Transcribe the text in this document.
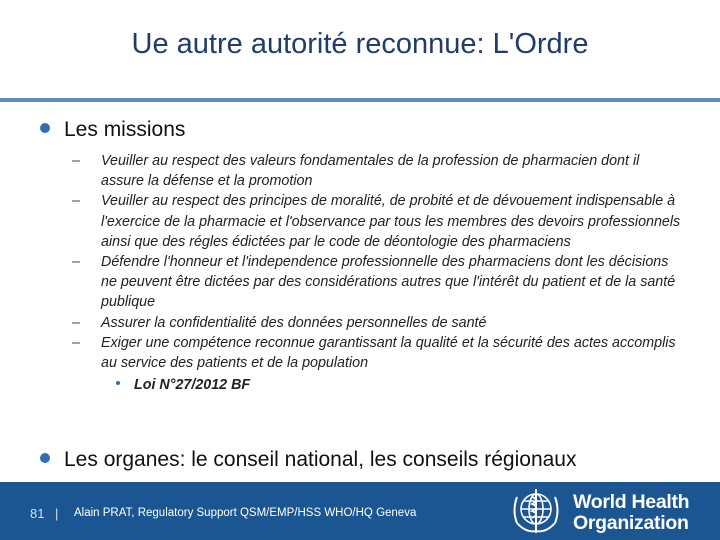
Ue autre autorité reconnue: L'Ordre
Les missions
– Veuiller au respect des valeurs fondamentales de la profession de pharmacien dont il assure la défense et la promotion
– Veuiller au respect des principes de moralité, de probité et de dévouement indispensable à l'exercice de la pharmacie et l'observance par tous les membres des devoirs professionnels ainsi que des régles édictées par le code de déontologie des pharmaciens
– Défendre l'honneur et l'independence professionnelle des pharmaciens dont les décisions ne peuvent être dictées par des considérations autres que l'intérêt du patient et de la santé publique
– Assurer la confidentialité des données personnelles de santé
– Exiger une compétence reconnue garantissant la qualité et la sécurité des actes accomplis au service des patients et de la population
Loi N°27/2012 BF
Les organes: le conseil national, les conseils régionaux
81 | Alain PRAT, Regulatory Support QSM/EMP/HSS WHO/HQ Geneva	World Health
Organization
